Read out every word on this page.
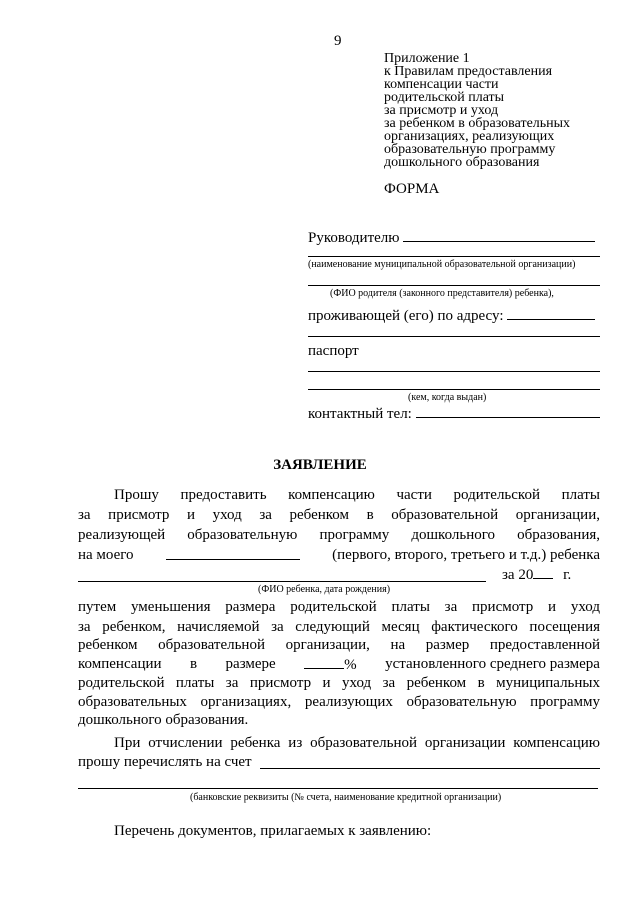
9
Приложение 1
к Правилам предоставления
компенсации части
родительской платы
за присмотр и уход
за ребенком в образовательных
организациях, реализующих
образовательную программу
дошкольного образования
ФОРМА
Руководителю
(наименование муниципальной образовательной организации)
(ФИО родителя (законного представителя) ребенка),
проживающей (его) по адресу:
паспорт
(кем, когда выдан)
контактный тел:
ЗАЯВЛЕНИЕ
Прошу предоставить компенсацию части родительской платы
за присмотр и уход за ребенком в образовательной организации,
реализующей образовательную программу дошкольного образования,
на моего	(первого, второго, третьего и т.д.) ребенка
за 20 г.
(ФИО ребенка, дата рождения)
путем уменьшения размера родительской платы за присмотр и уход
за ребенком, начисляемой за следующий месяц фактического посещения
ребенком образовательной организации, на размер предоставленной
компенсации в размере	% установленного среднего размера
родительской платы за присмотр и уход за ребенком в муниципальных
образовательных организациях, реализующих образовательную программу
дошкольного образования.
При отчислении ребенка из образовательной организации компенсацию
прошу перечислять на счет
(банковские реквизиты (№ счета, наименование кредитной организации)
Перечень документов, прилагаемых к заявлению:
